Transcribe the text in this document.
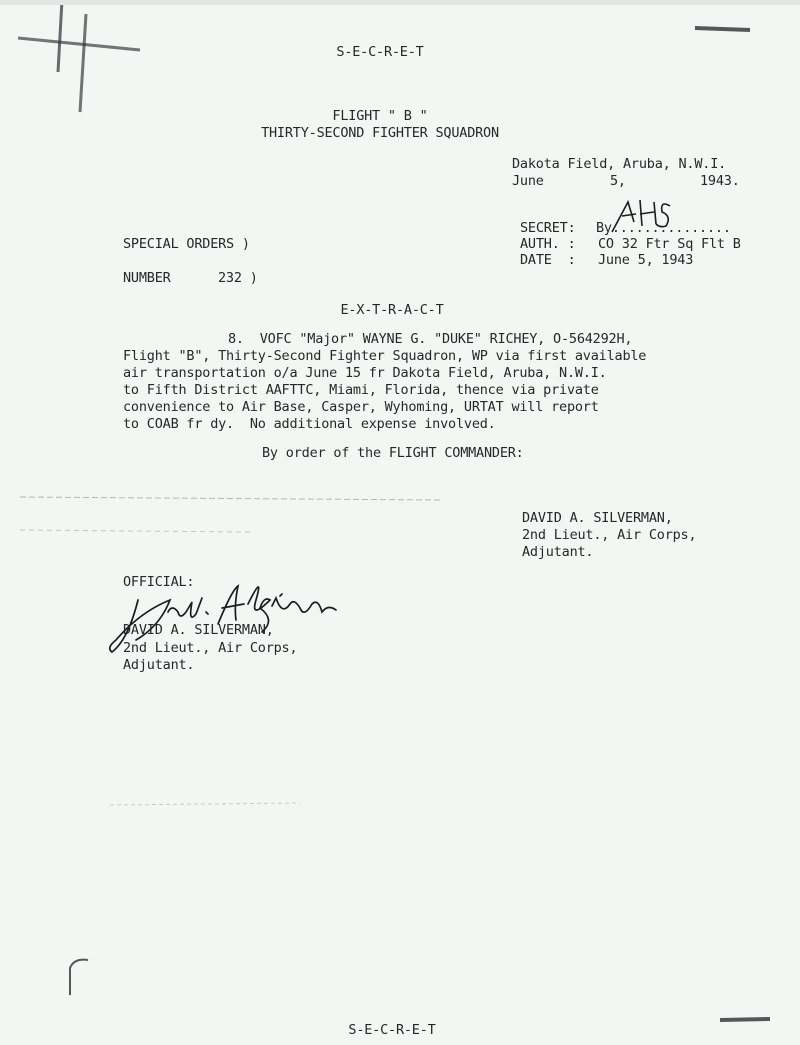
S-E-C-R-E-T
FLIGHT " B "
THIRTY-SECOND FIGHTER SQUADRON
Dakota Field, Aruba, N.W.I.
June	5,	1943.
SECRET: By...............
AUTH. : CO 32 Ftr Sq Flt B
DATE  : June 5, 1943
SPECIAL ORDERS )
NUMBER	232 )
E-X-T-R-A-C-T
8.  VOFC "Major" WAYNE G. "DUKE" RICHEY, O-564292H,
Flight "B", Thirty-Second Fighter Squadron, WP via first available
air transportation o/a June 15 fr Dakota Field, Aruba, N.W.I.
to Fifth District AAFTTC, Miami, Florida, thence via private
convenience to Air Base, Casper, Wyhoming, URTAT will report
to COAB fr dy.  No additional expense involved.
By order of the FLIGHT COMMANDER:
DAVID A. SILVERMAN,
2nd Lieut., Air Corps,
Adjutant.
OFFICIAL:
DAVID A. SILVERMAN,
2nd Lieut., Air Corps,
Adjutant.
S-E-C-R-E-T
